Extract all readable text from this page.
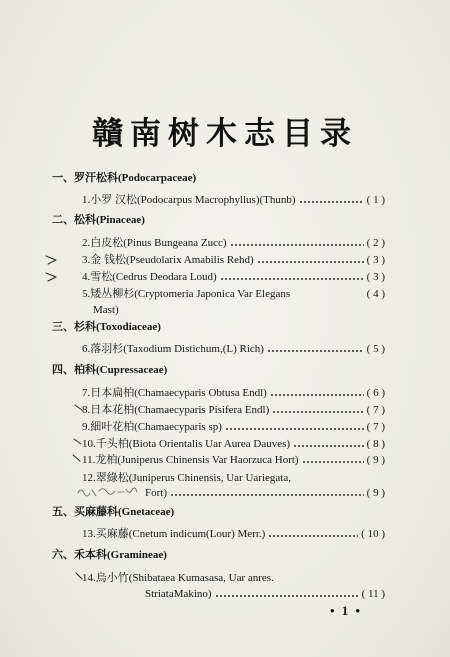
贛南树木志目录
一、罗汗松科(Podocarpaceae)
1.小罗 汉松(Podocarpus Macrophyllus)(Thunb)	( 1 )
二、松科(Pinaceae)
2.白皮松(Pinus Bungeana Zucc)	( 2 )
3.金 钱松(Pseudolarix Amabilis Rehd)	( 3 )
4.雪松(Cedrus Deodara Loud)	( 3 )
5.矮丛柳杉(Cryptomeria Japonica Var Elegans	( 4 )
Mast)
三、杉科(Toxodiaceae)
6.落羽杉(Taxodium Distichum,(L) Rich)	( 5 )
四、柏科(Cupressaceae)
7.日本扁柏(Chamaecyparis Obtusa Endl)	( 6 )
8.日本花柏(Chamaecyparis Pisifera Endl)	( 7 )
9.細叶花柏(Chamaecyparis sp)	( 7 )
10.千头柏(Biota Orientalis Uar Aurea Dauves)	( 8 )
11.龙柏(Juniperus Chinensis Var Haorzuca Hort)	( 9 )
12.翠綠松(Juniperus Chinensis, Uar Uariegata,
Fort)	( 9 )
五、买麻藤科(Gnetaceae)
13.买麻藤(Cnetum indicum(Lour) Merr.)	( 10 )
六、禾本科(Gramineae)
14.烏小竹(Shibataea Kumasasa, Uar anres.
StriataMakino)	( 11 )
• 1 •
